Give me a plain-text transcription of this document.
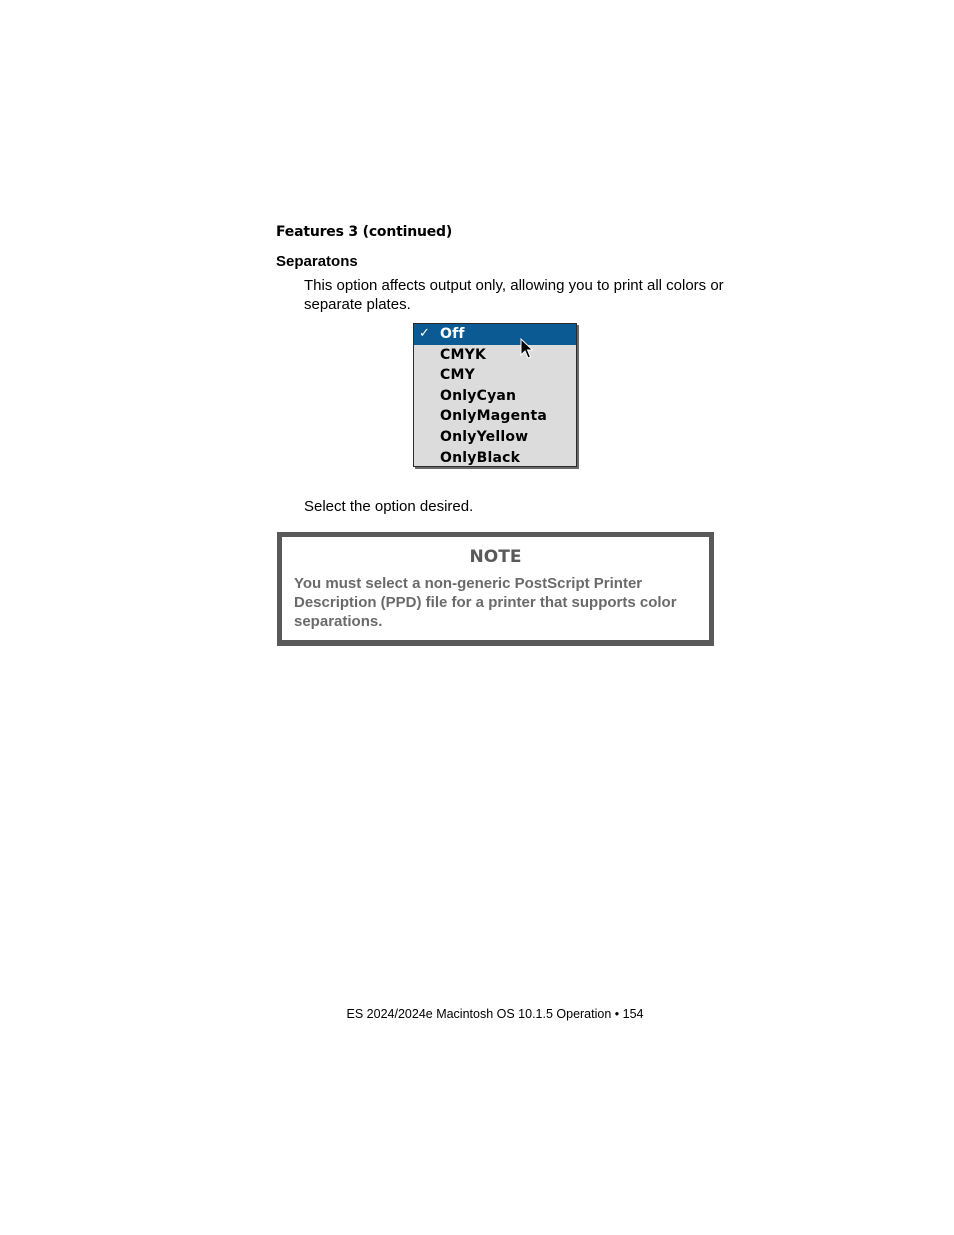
Features 3 (continued)
Separatons
This option affects output only, allowing you to print all colors or separate plates.
✓ Off
CMYK
CMY
OnlyCyan
OnlyMagenta
OnlyYellow
OnlyBlack
Select the option desired.
NOTE
You must select a non-generic PostScript Printer Description (PPD) file for a printer that supports color separations.
ES 2024/2024e Macintosh OS 10.1.5 Operation • 154
